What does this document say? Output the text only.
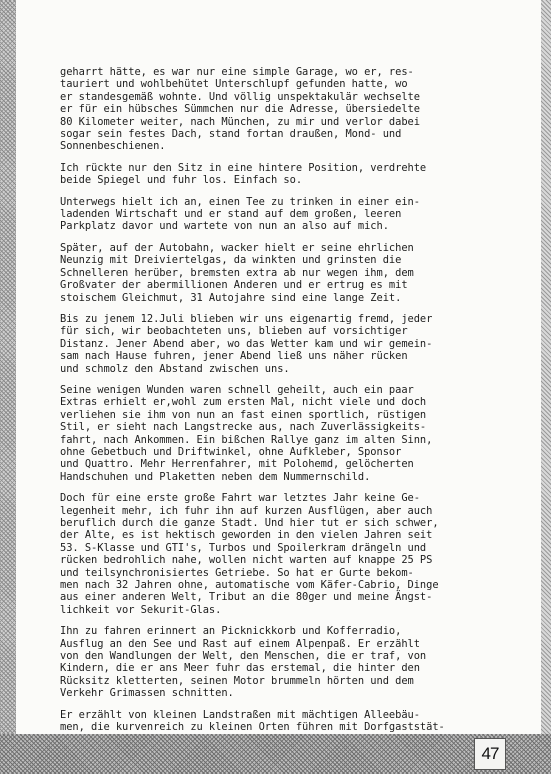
geharrt hätte, es war nur eine simple Garage, wo er, res-
tauriert und wohlbehütet Unterschlupf gefunden hatte, wo
er standesgemäß wohnte. Und völlig unspektakulär wechselte
er für ein hübsches Sümmchen nur die Adresse, übersiedelte
80 Kilometer weiter, nach München, zu mir und verlor dabei
sogar sein festes Dach, stand fortan draußen, Mond- und
Sonnenbeschienen.
Ich rückte nur den Sitz in eine hintere Position, verdrehte
beide Spiegel und fuhr los. Einfach so.
Unterwegs hielt ich an, einen Tee zu trinken in einer ein-
ladenden Wirtschaft und er stand auf dem großen, leeren
Parkplatz davor und wartete von nun an also auf mich.
Später, auf der Autobahn, wacker hielt er seine ehrlichen
Neunzig mit Dreiviertelgas, da winkten und grinsten die
Schnelleren herüber, bremsten extra ab nur wegen ihm, dem
Großvater der abermillionen Anderen und er ertrug es mit
stoischem Gleichmut, 31 Autojahre sind eine lange Zeit.
Bis zu jenem 12.Juli blieben wir uns eigenartig fremd, jeder
für sich, wir beobachteten uns, blieben auf vorsichtiger
Distanz. Jener Abend aber, wo das Wetter kam und wir gemein-
sam nach Hause fuhren, jener Abend ließ uns näher rücken
und schmolz den Abstand zwischen uns.
Seine wenigen Wunden waren schnell geheilt, auch ein paar
Extras erhielt er,wohl zum ersten Mal, nicht viele und doch
verliehen sie ihm von nun an fast einen sportlich, rüstigen
Stil, er sieht nach Langstrecke aus, nach Zuverlässigkeits-
fahrt, nach Ankommen. Ein bißchen Rallye ganz im alten Sinn,
ohne Gebetbuch und Driftwinkel, ohne Aufkleber, Sponsor
und Quattro. Mehr Herrenfahrer, mit Polohemd, gelöcherten
Handschuhen und Plaketten neben dem Nummernschild.
Doch für eine erste große Fahrt war letztes Jahr keine Ge-
legenheit mehr, ich fuhr ihn auf kurzen Ausflügen, aber auch
beruflich durch die ganze Stadt. Und hier tut er sich schwer,
der Alte, es ist hektisch geworden in den vielen Jahren seit
53. S-Klasse und GTI's, Turbos und Spoilerkram drängeln und
rücken bedrohlich nahe, wollen nicht warten auf knappe 25 PS
und teilsynchronisiertes Getriebe. So hat er Gurte bekom-
men nach 32 Jahren ohne, automatische vom Käfer-Cabrio, Dinge
aus einer anderen Welt, Tribut an die 80ger und meine Ängst-
lichkeit vor Sekurit-Glas.
Ihn zu fahren erinnert an Picknickkorb und Kofferradio,
Ausflug an den See und Rast auf einem Alpenpaß. Er erzählt
von den Wandlungen der Welt, den Menschen, die er traf, von
Kindern, die er ans Meer fuhr das erstemal, die hinter den
Rücksitz kletterten, seinen Motor brummeln hörten und dem
Verkehr Grimassen schnitten.
Er erzählt von kleinen Landstraßen mit mächtigen Alleebäu-
men, die kurvenreich zu kleinen Orten führen mit Dorfgaststät-
47
